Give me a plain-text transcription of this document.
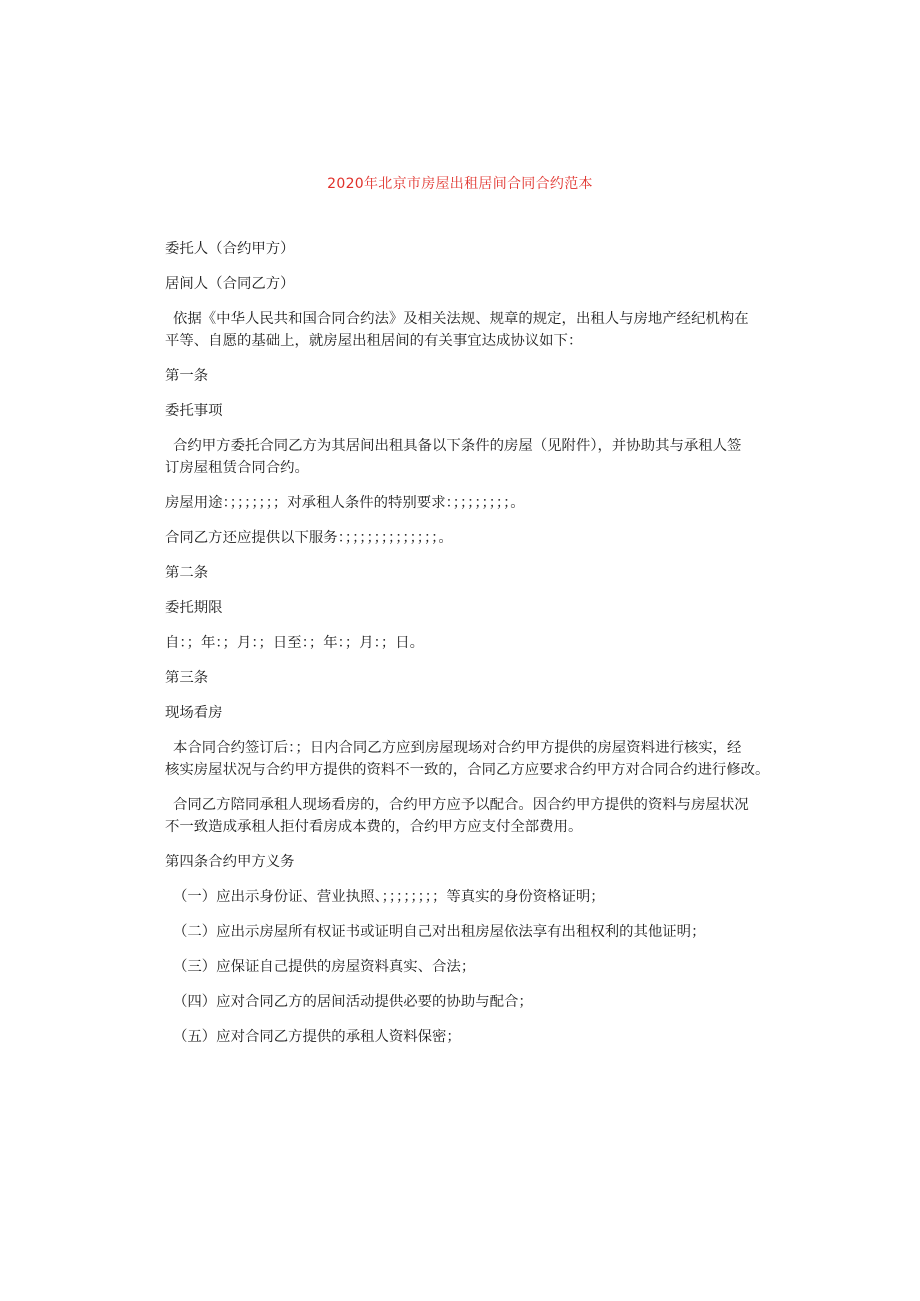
2020年北京市房屋出租居间合同合约范本
委托人（合约甲方）
居间人（合同乙方）
依据《中华人民共和国合同合约法》及相关法规、规章的规定，出租人与房地产经纪机构在
平等、自愿的基础上，就房屋出租居间的有关事宜达成协议如下：
第一条
委托事项
合约甲方委托合同乙方为其居间出租具备以下条件的房屋（见附件），并协助其与承租人签
订房屋租赁合同合约。
房屋用途：；；；；；；；对承租人条件的特别要求：；；；；；；；；。
合同乙方还应提供以下服务：；；；；；；；；；；；；；。
第二条
委托期限
自：；年：；月：；日至：；年：；月：；日。
第三条
现场看房
本合同合约签订后：；日内合同乙方应到房屋现场对合约甲方提供的房屋资料进行核实，经
核实房屋状况与合约甲方提供的资料不一致的，合同乙方应要求合约甲方对合同合约进行修改。
合同乙方陪同承租人现场看房的，合约甲方应予以配合。因合约甲方提供的资料与房屋状况
不一致造成承租人拒付看房成本费的，合约甲方应支付全部费用。
第四条合约甲方义务
（一）应出示身份证、营业执照、；；；；；；；；等真实的身份资格证明；
（二）应出示房屋所有权证书或证明自己对出租房屋依法享有出租权利的其他证明；
（三）应保证自己提供的房屋资料真实、合法；
（四）应对合同乙方的居间活动提供必要的协助与配合；
（五）应对合同乙方提供的承租人资料保密；
